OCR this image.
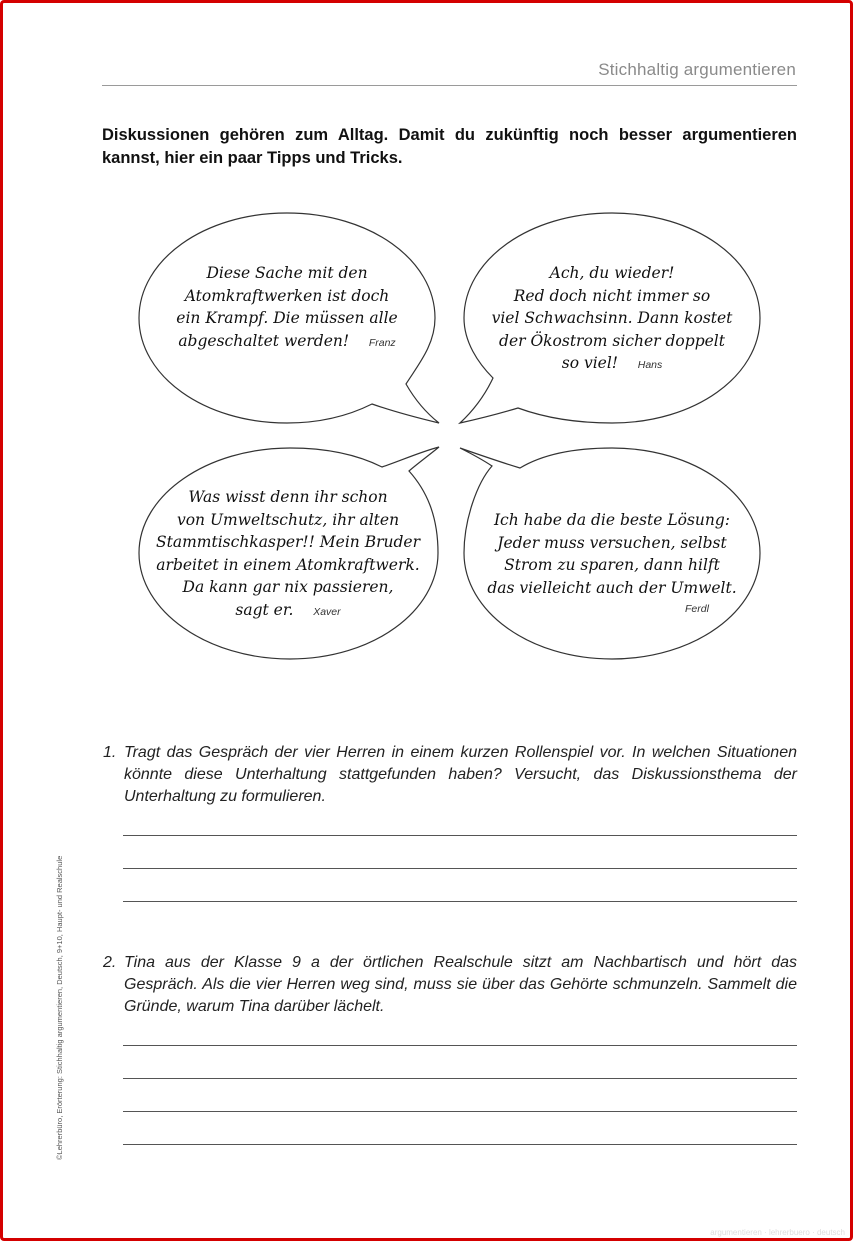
Stichhaltig argumentieren
Diskussionen gehören zum Alltag. Damit du zukünftig noch besser argumentieren kannst, hier ein paar Tipps und Tricks.
Diese Sache mit den
Atomkraftwerken ist doch
ein Krampf. Die müssen alle
abgeschaltet werden! Franz
Ach, du wieder!
Red doch nicht immer so
viel Schwachsinn. Dann kostet
der Ökostrom sicher doppelt
so viel! Hans
Was wisst denn ihr schon
von Umweltschutz, ihr alten
Stammtischkasper!! Mein Bruder
arbeitet in einem Atomkraftwerk.
Da kann gar nix passieren,
sagt er. Xaver
Ich habe da die beste Lösung:
Jeder muss versuchen, selbst
Strom zu sparen, dann hilft
das vielleicht auch der Umwelt.
Ferdl
1. Tragt das Gespräch der vier Herren in einem kurzen Rollenspiel vor. In welchen Situationen könnte diese Unterhaltung stattgefunden haben? Versucht, das Diskussionsthema der Unterhaltung zu formulieren.
2. Tina aus der Klasse 9 a der örtlichen Realschule sitzt am Nachbartisch und hört das Gespräch. Als die vier Herren weg sind, muss sie über das Gehörte schmunzeln. Sammelt die Gründe, warum Tina darüber lächelt.
©Lehrerbüro, Erörterung: Stichhaltig argumentieren, Deutsch, 9+10, Haupt- und Realschule
argumentieren · lehrerbuero · deutsch
